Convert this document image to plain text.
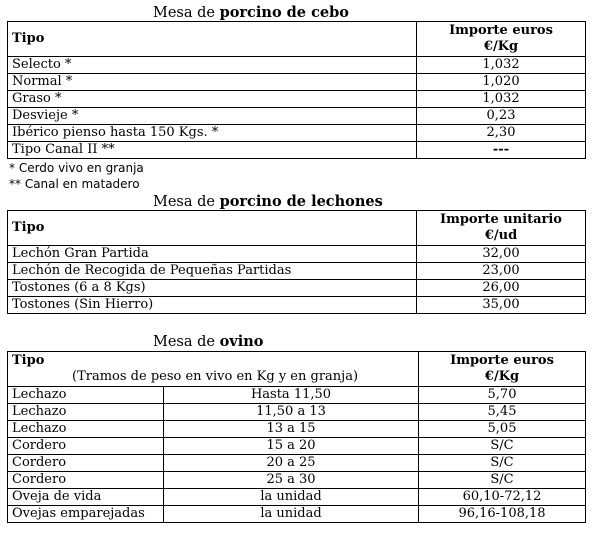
Mesa de porcino de cebo
Tipo	Importe euros
€/Kg
Selecto *	1,032
Normal *	1,020
Graso *	1,032
Desvieje *	0,23
Ibérico pienso hasta 150 Kgs. *	2,30
Tipo Canal II **	---
* Cerdo vivo en granja
** Canal en matadero
Mesa de porcino de lechones
Tipo	Importe unitario
€/ud
Lechón Gran Partida	32,00
Lechón de Recogida de Pequeñas Partidas	23,00
Tostones (6 a 8 Kgs)	26,00
Tostones (Sin Hierro)	35,00
Mesa de ovino
Tipo
(Tramos de peso en vivo en Kg y en granja)		Importe euros
€/Kg
Lechazo	Hasta 11,50	5,70
Lechazo	11,50 a 13	5,45
Lechazo	13 a 15	5,05
Cordero	15 a 20	S/C
Cordero	20 a 25	S/C
Cordero	25 a 30	S/C
Oveja de vida	la unidad	60,10-72,12
Ovejas emparejadas	la unidad	96,16-108,18
